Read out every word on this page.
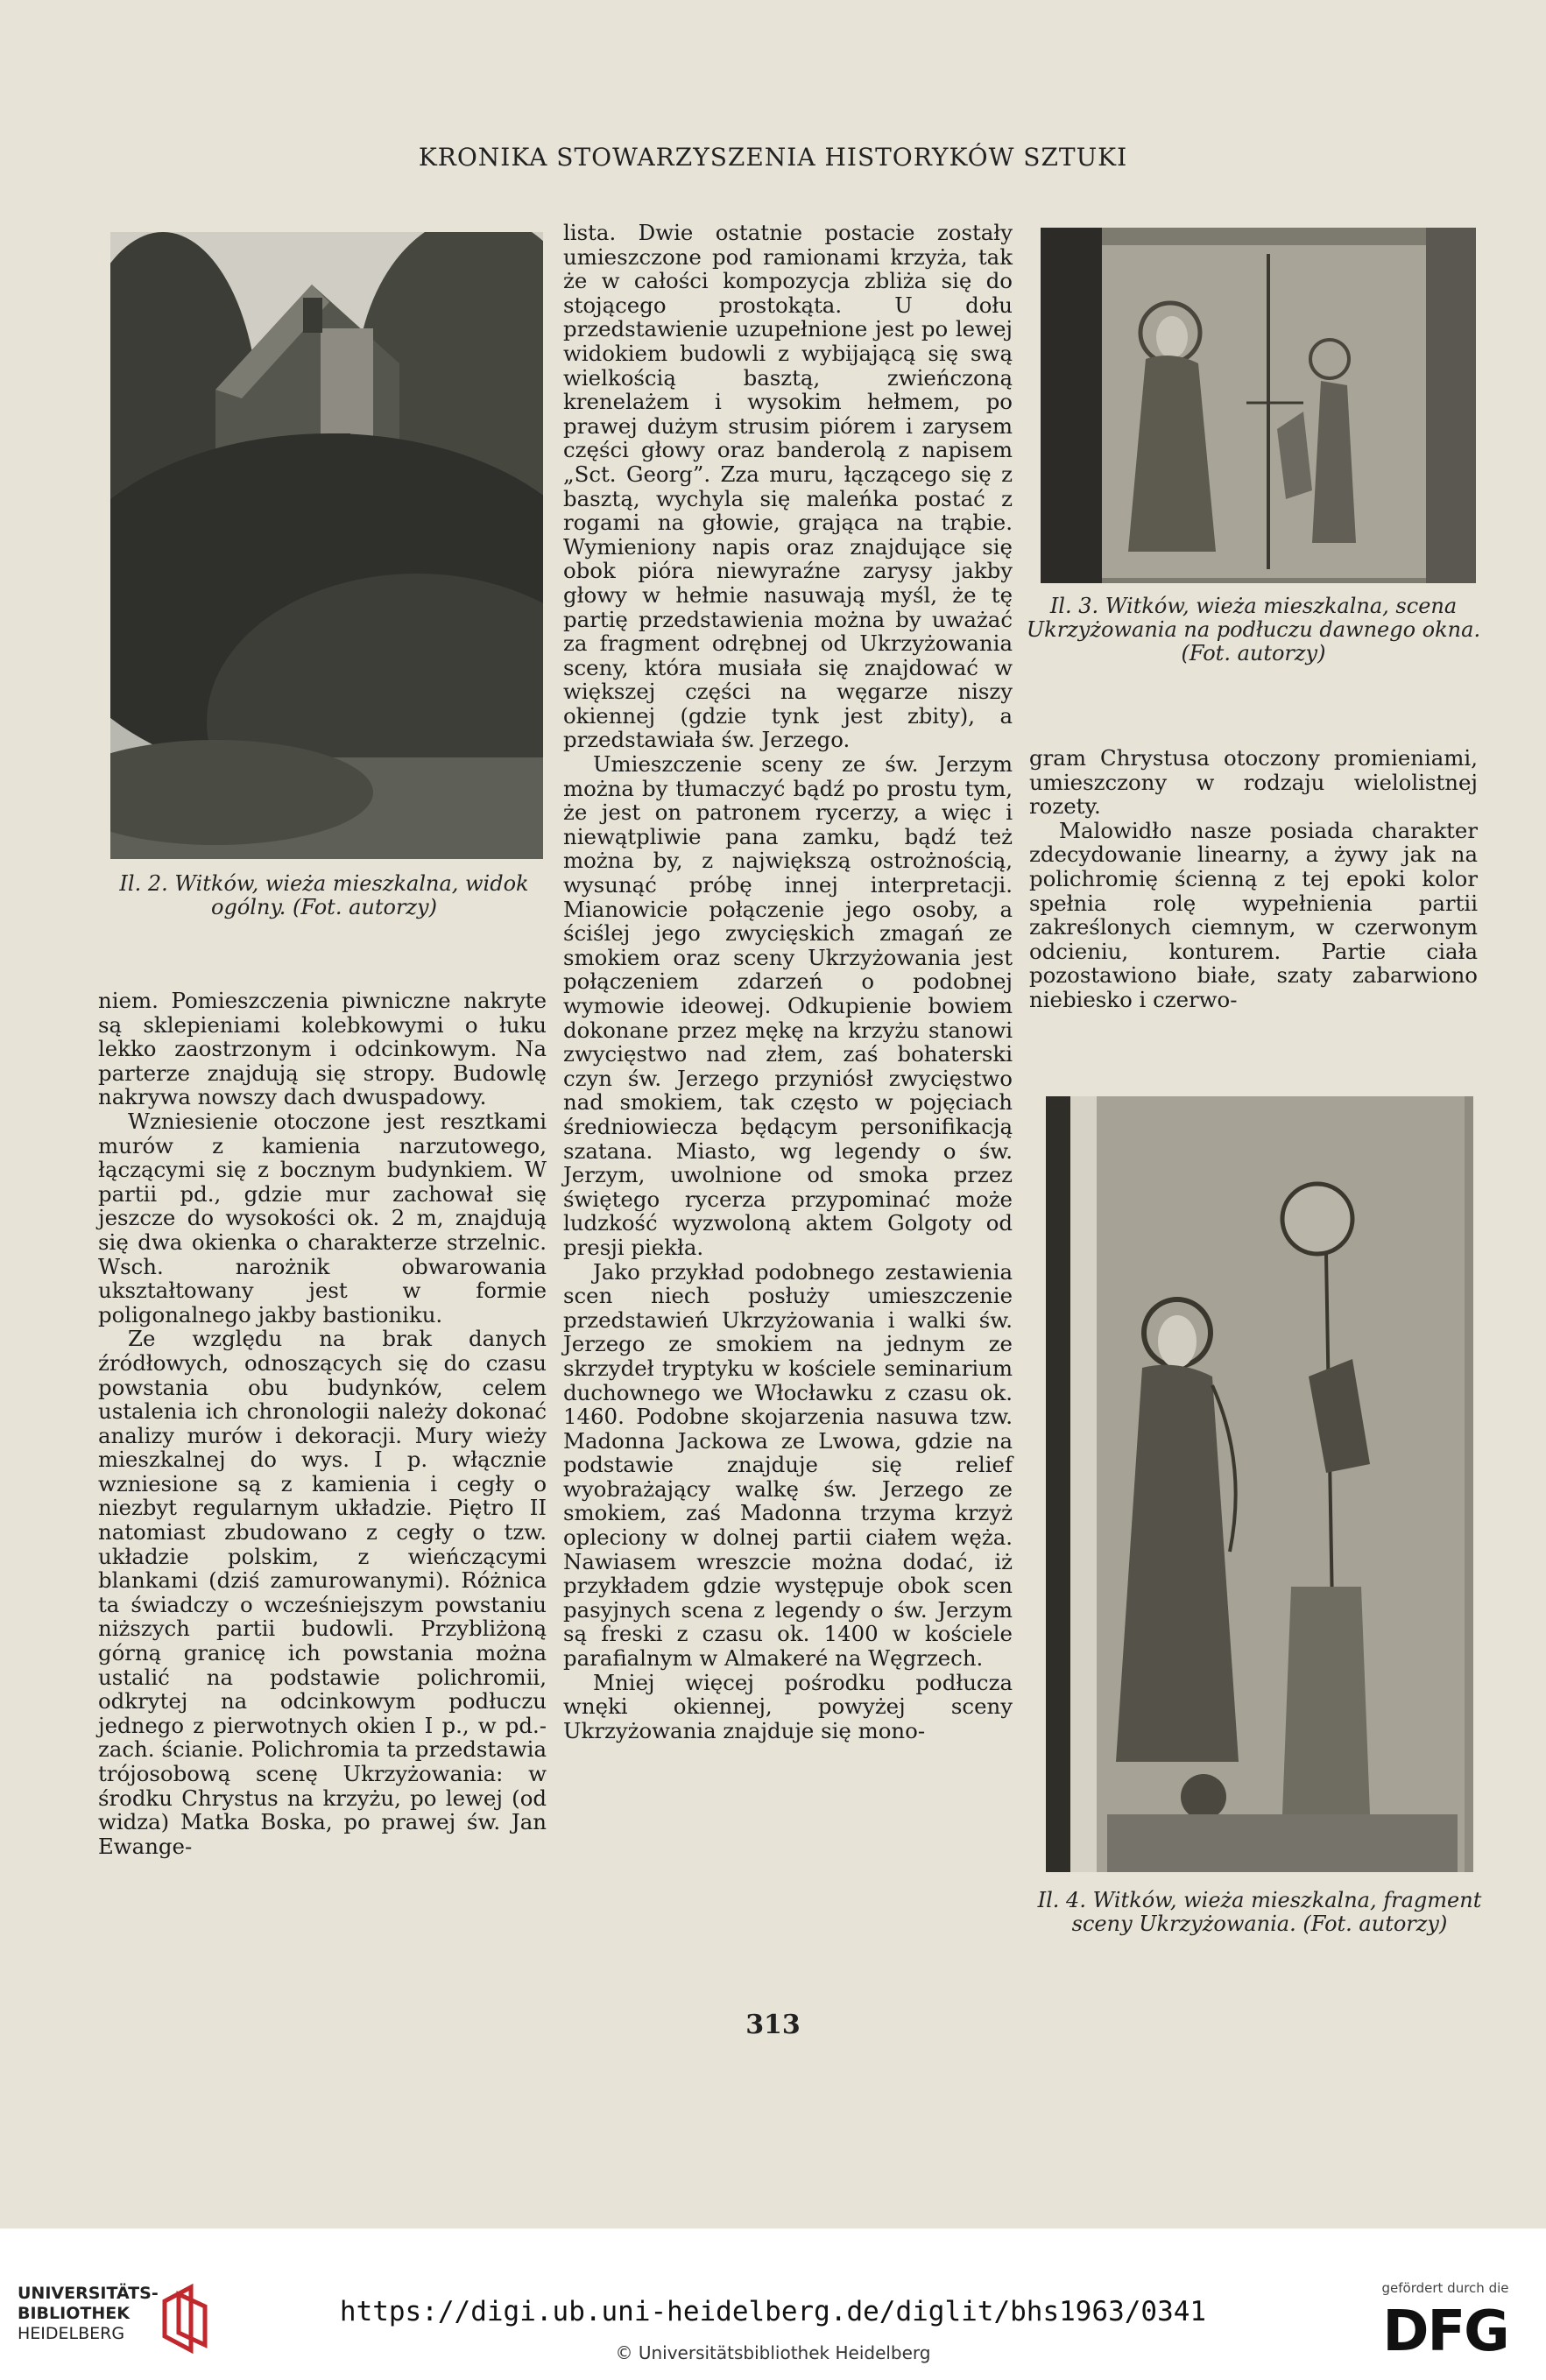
KRONIKA STOWARZYSZENIA HISTORYKÓW SZTUKI
Il. 2. Witków, wieża mieszkalna, widok ogólny. (Fot. autorzy)
Il. 3. Witków, wieża mieszkalna, scena Ukrzyżowania na podłuczu dawnego okna. (Fot. autorzy)
Il. 4. Witków, wieża mieszkalna, fragment sceny Ukrzyżowania. (Fot. autorzy)

niem. Pomieszczenia piwniczne nakryte są sklepieniami kolebkowymi o łuku lekko zaostrzonym i odcinkowym. Na parterze znajdują się stropy. Budowlę nakrywa nowszy dach dwuspadowy.

Wzniesienie otoczone jest resztkami murów z kamienia narzutowego, łączącymi się z bocznym budynkiem. W partii pd., gdzie mur zachował się jeszcze do wysokości ok. 2 m, znajdują się dwa okienka o charakterze strzelnic. Wsch. narożnik obwarowania ukształtowany jest w formie poligonalnego jakby bastioniku.

Ze względu na brak danych źródłowych, odnoszących się do czasu powstania obu budynków, celem ustalenia ich chronologii należy dokonać analizy murów i dekoracji. Mury wieży mieszkalnej do wys. I p. włącznie wzniesione są z kamienia i cegły o niezbyt regularnym układzie. Piętro II natomiast zbudowano z cegły o tzw. układzie polskim, z wieńczącymi blankami (dziś zamurowanymi). Różnica ta świadczy o wcześniejszym powstaniu niższych partii budowli. Przybliżoną górną granicę ich powstania można ustalić na podstawie polichromii, odkrytej na odcinkowym podłuczu jednego z pierwotnych okien I p., w pd.-zach. ścianie. Polichromia ta przedstawia trójosobową scenę Ukrzyżowania: w środku Chrystus na krzyżu, po lewej (od widza) Matka Boska, po prawej św. Jan Ewange-

lista. Dwie ostatnie postacie zostały umieszczone pod ramionami krzyża, tak że w całości kompozycja zbliża się do stojącego prostokąta. U dołu przedstawienie uzupełnione jest po lewej widokiem budowli z wybijającą się swą wielkością basztą, zwieńczoną krenelażem i wysokim hełmem, po prawej dużym strusim piórem i zarysem części głowy oraz banderolą z napisem „Sct. Georg”. Zza muru, łączącego się z basztą, wychyla się maleńka postać z rogami na głowie, grająca na trąbie. Wymieniony napis oraz znajdujące się obok pióra niewyraźne zarysy jakby głowy w hełmie nasuwają myśl, że tę partię przedstawienia można by uważać za fragment odrębnej od Ukrzyżowania sceny, która musiała się znajdować w większej części na węgarze niszy okiennej (gdzie tynk jest zbity), a przedstawiała św. Jerzego.

Umieszczenie sceny ze św. Jerzym można by tłumaczyć bądź po prostu tym, że jest on patronem rycerzy, a więc i niewątpliwie pana zamku, bądź też można by, z największą ostrożnością, wysunąć próbę innej interpretacji. Mianowicie połączenie jego osoby, a ściślej jego zwycięskich zmagań ze smokiem oraz sceny Ukrzyżowania jest połączeniem zdarzeń o podobnej wymowie ideowej. Odkupienie bowiem dokonane przez mękę na krzyżu stanowi zwycięstwo nad złem, zaś bohaterski czyn św. Jerzego przyniósł zwycięstwo nad smokiem, tak często w pojęciach średniowiecza będącym personifikacją szatana. Miasto, wg legendy o św. Jerzym, uwolnione od smoka przez świętego rycerza przypominać może ludzkość wyzwoloną aktem Golgoty od presji piekła.

Jako przykład podobnego zestawienia scen niech posłuży umieszczenie przedstawień Ukrzyżowania i walki św. Jerzego ze smokiem na jednym ze skrzydeł tryptyku w kościele seminarium duchownego we Włocławku z czasu ok. 1460. Podobne skojarzenia nasuwa tzw. Madonna Jackowa ze Lwowa, gdzie na podstawie znajduje się relief wyobrażający walkę św. Jerzego ze smokiem, zaś Madonna trzyma krzyż opleciony w dolnej partii ciałem węża. Nawiasem wreszcie można dodać, iż przykładem gdzie występuje obok scen pasyjnych scena z legendy o św. Jerzym są freski z czasu ok. 1400 w kościele parafialnym w Almakeré na Węgrzech.

Mniej więcej pośrodku podłucza wnęki okiennej, powyżej sceny Ukrzyżowania znajduje się mono-

gram Chrystusa otoczony promieniami, umieszczony w rodzaju wielolistnej rozety.

Malowidło nasze posiada charakter zdecydowanie linearny, a żywy jak na polichromię ścienną z tej epoki kolor spełnia rolę wypełnienia partii zakreślonych ciemnym, w czerwonym odcieniu, konturem. Partie ciała pozostawiono białe, szaty zabarwiono niebiesko i czerwo-

313
UNIVERSITÄTS-
BIBLIOTHEK
HEIDELBERG
https://digi.ub.uni-heidelberg.de/diglit/bhs1963/0341
© Universitätsbibliothek Heidelberg
gefördert durch die
DFG
